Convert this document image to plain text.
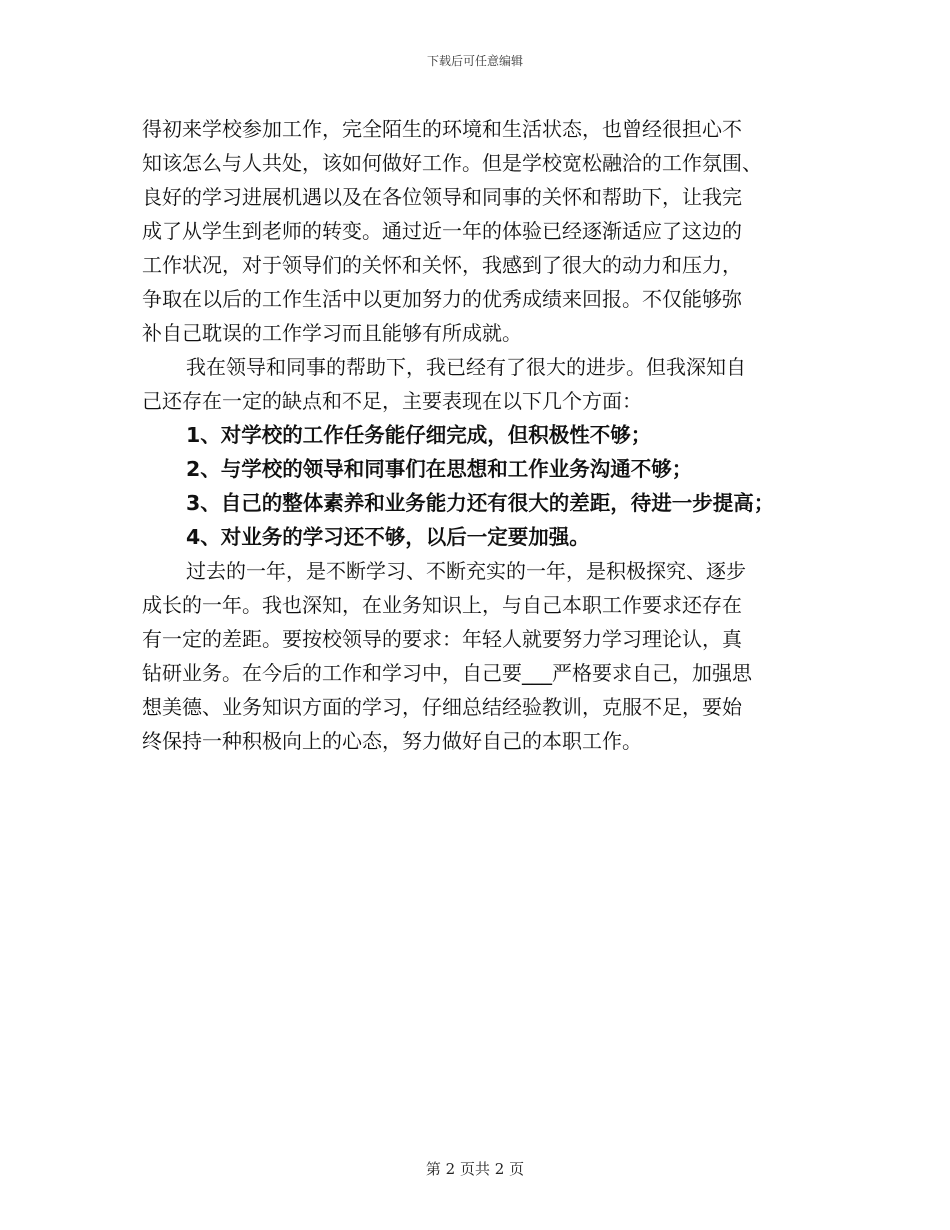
下载后可任意编辑
得初来学校参加工作，完全陌生的环境和生活状态，也曾经很担心不
知该怎么与人共处，该如何做好工作。但是学校宽松融洽的工作氛围、
良好的学习进展机遇以及在各位领导和同事的关怀和帮助下，让我完
成了从学生到老师的转变。通过近一年的体验已经逐渐适应了这边的
工作状况，对于领导们的关怀和关怀，我感到了很大的动力和压力，
争取在以后的工作生活中以更加努力的优秀成绩来回报。不仅能够弥
补自己耽误的工作学习而且能够有所成就。
我在领导和同事的帮助下，我已经有了很大的进步。但我深知自
己还存在一定的缺点和不足，主要表现在以下几个方面：
1、对学校的工作任务能仔细完成，但积极性不够；
2、与学校的领导和同事们在思想和工作业务沟通不够；
3、自己的整体素养和业务能力还有很大的差距，待进一步提高；
4、对业务的学习还不够，以后一定要加强。
过去的一年，是不断学习、不断充实的一年，是积极探究、逐步
成长的一年。我也深知，在业务知识上，与自己本职工作要求还存在
有一定的差距。要按校领导的要求：年轻人就要努力学习理论认，真
钻研业务。在今后的工作和学习中，自己要___严格要求自己，加强思
想美德、业务知识方面的学习，仔细总结经验教训，克服不足，要始
终保持一种积极向上的心态，努力做好自己的本职工作。
第 2 页共 2 页
